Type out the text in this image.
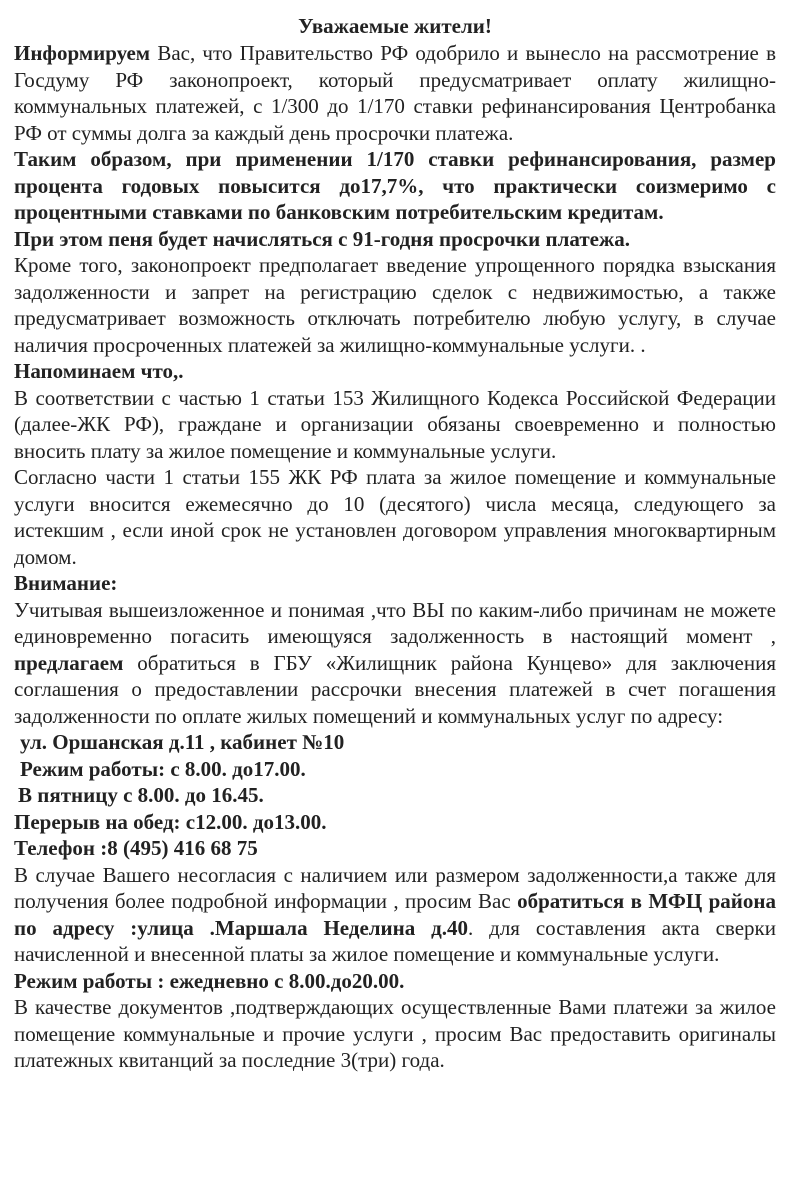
Уважаемые жители!

Информируем Вас, что Правительство РФ одобрило и вынесло на рассмотрение в Госдуму РФ законопроект, который предусматривает оплату жилищно-коммунальных платежей, с 1/300 до 1/170 ставки рефинансирования Центробанка РФ от суммы долга за каждый день просрочки платежа.

Таким образом, при применении 1/170 ставки рефинансирования, размер процента годовых повысится до17,7%, что практически соизмеримо с процентными ставками по банковским потребительским кредитам.

При этом пеня будет начисляться с 91-годня просрочки платежа.

Кроме того, законопроект предполагает введение упрощенного порядка взыскания задолженности и запрет на регистрацию сделок с недвижимостью, а также предусматривает возможность отключать потребителю любую услугу, в случае наличия просроченных платежей за жилищно-коммунальные услуги. .

Напоминаем что,.

В соответствии с частью 1 статьи 153 Жилищного Кодекса Российской Федерации (далее-ЖК РФ), граждане и организации обязаны своевременно и полностью вносить плату за жилое помещение и коммунальные услуги.

Согласно части 1 статьи 155 ЖК РФ плата за жилое помещение и коммунальные услуги вносится ежемесячно до 10 (десятого) числа месяца, следующего за истекшим , если иной срок не установлен договором управления многоквартирным домом.

Внимание:

Учитывая вышеизложенное и понимая ,что ВЫ по каким-либо причинам не можете единовременно погасить имеющуяся задолженность в настоящий момент , предлагаем обратиться в ГБУ «Жилищник района Кунцево» для заключения соглашения о предоставлении рассрочки внесения платежей в счет погашения задолженности по оплате жилых помещений и коммунальных услуг по адресу:

ул. Оршанская д.11 , кабинет №10

Режим работы: с 8.00. до17.00.

В пятницу с 8.00. до 16.45.

Перерыв на обед: с12.00. до13.00.

Телефон :8 (495) 416 68 75

В случае Вашего несогласия с наличием или размером задолженности,а также для получения более подробной информации , просим Вас обратиться в МФЦ района по адресу :улица .Маршала Неделина д.40. для составления акта сверки начисленной и внесенной платы за жилое помещение и коммунальные услуги.

Режим работы : ежедневно с 8.00.до20.00.

В качестве документов ,подтверждающих осуществленные Вами платежи за жилое помещение коммунальные и прочие услуги , просим Вас предоставить оригиналы платежных квитанций за последние 3(три) года.
